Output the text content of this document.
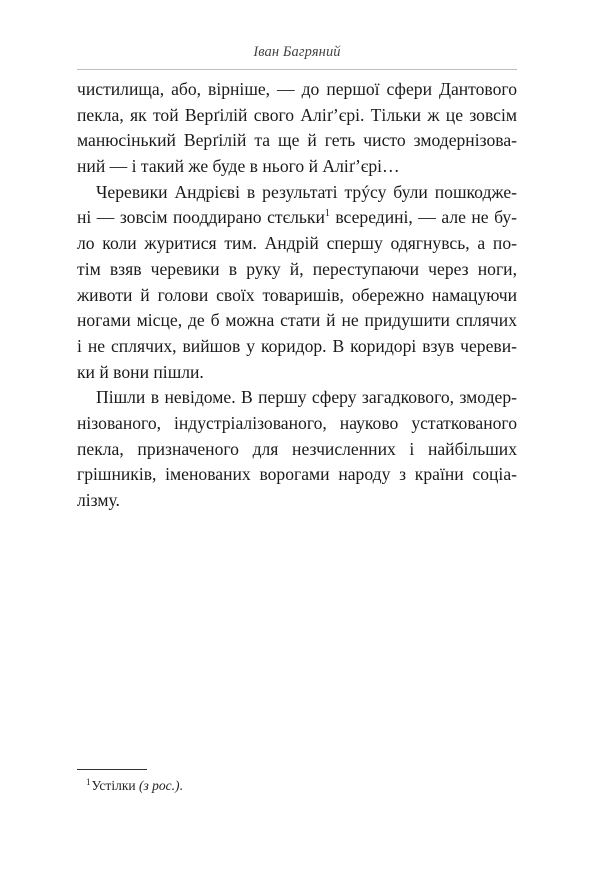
Іван Багряний
чистилища, або, вірніше, — до першої сфери Дантового
пекла, як той Верґілій свого Аліґ’єрі. Тільки ж це зовсім
манюсінький Верґілій та ще й геть чисто змодернізова-
ний — і такий же буде в нього й Аліґ’єрі…
Черевики Андрієві в результаті трýсу були пошкодже-
ні — зовсім пооддирано стєльки$^1$ всередині, — але не бу-
ло коли журитися тим. Андрій спершу одягнувсь, а по-
тім взяв черевики в руку й, переступаючи через ноги,
животи й голови своїх товаришів, обережно намацуючи
ногами місце, де б можна стати й не придушити сплячих
і не сплячих, вийшов у коридор. В коридорі взув череви-
ки й вони пішли.
Пішли в невідоме. В першу сферу загадкового, змодер-
нізованого, індустріалізованого, науково устаткованого
пекла, призначеного для незчисленних і найбільших
грішників, іменованих ворогами народу з країни соціа-
лізму.
$^1$Устілки (з рос.).
